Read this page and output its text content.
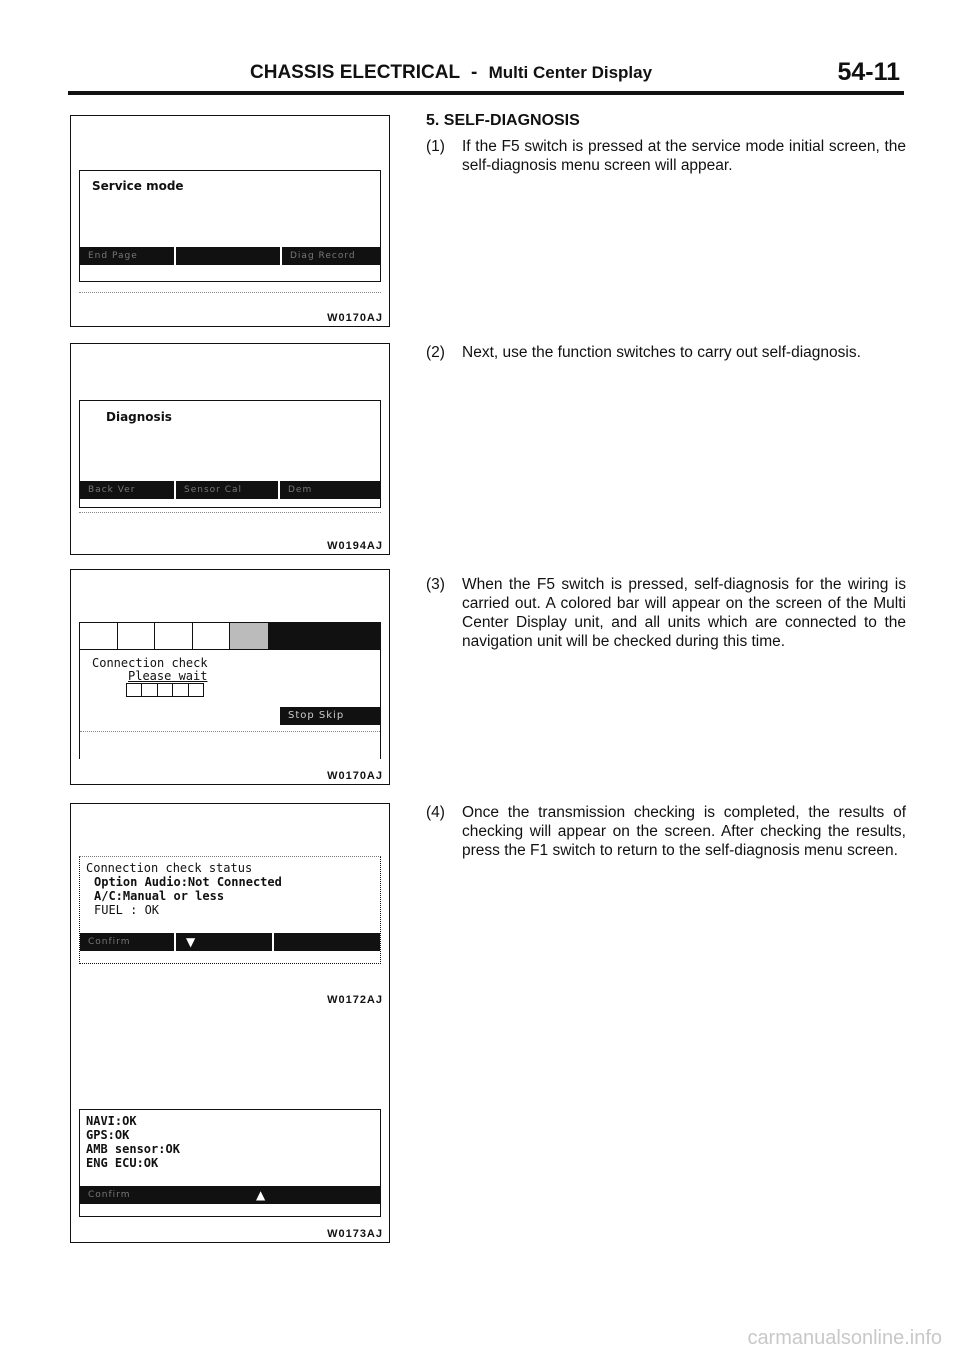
CHASSIS ELECTRICAL - Multi Center Display	54-11
Service mode
End Page	Diag Record
W0170AJ
Diagnosis
Back Ver	Sensor Cal	Dem
W0194AJ
Connection check
Please wait
Stop Skip
W0170AJ
Connection check status
Option Audio:Not Connected
A/C:Manual or less
FUEL : OK
Confirm	▼
W0172AJ
NAVI:OK
GPS:OK
AMB sensor:OK
ENG ECU:OK
Confirm	▲
W0173AJ
5. SELF-DIAGNOSIS
(1) If the F5 switch is pressed at the service mode initial screen, the self-diagnosis menu screen will appear.
(2) Next, use the function switches to carry out self-diagnosis.
(3) When the F5 switch is pressed, self-diagnosis for the wiring is carried out. A colored bar will appear on the screen of the Multi Center Display unit, and all units which are connected to the navigation unit will be checked during this time.
(4) Once the transmission checking is completed, the results of checking will appear on the screen. After checking the results, press the F1 switch to return to the self-diagnosis menu screen.
carmanualsonline.info
